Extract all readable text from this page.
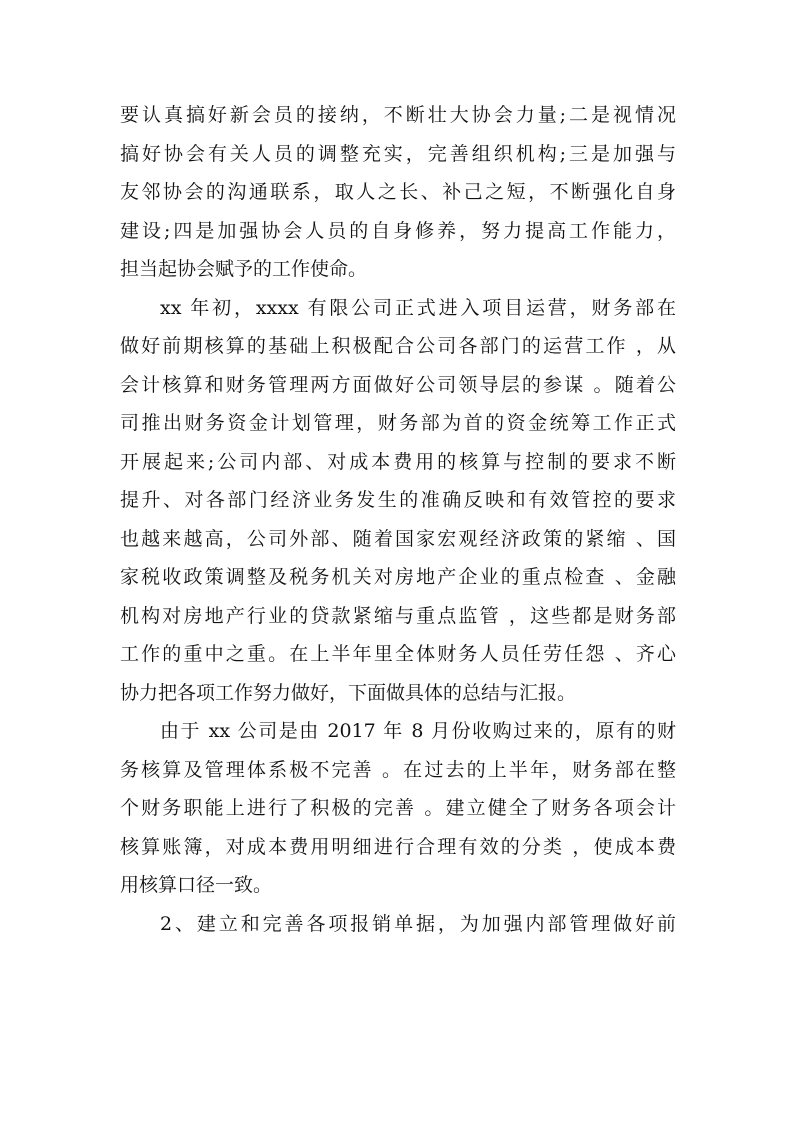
要认真搞好新会员的接纳，不断壮大协会力量;二是视情况
搞好协会有关人员的调整充实，完善组织机构;三是加强与
友邻协会的沟通联系，取人之长、补己之短，不断强化自身
建设;四是加强协会人员的自身修养，努力提高工作能力，
担当起协会赋予的工作使命。
xx 年初，xxxx 有限公司正式进入项目运营，财务部在
做好前期核算的基础上积极配合公司各部门的运营工作 ，从
会计核算和财务管理两方面做好公司领导层的参谋 。随着公
司推出财务资金计划管理，财务部为首的资金统筹工作正式
开展起来;公司内部、对成本费用的核算与控制的要求不断
提升、对各部门经济业务发生的准确反映和有效管控的要求
也越来越高，公司外部、随着国家宏观经济政策的紧缩 、国
家税收政策调整及税务机关对房地产企业的重点检查 、金融
机构对房地产行业的贷款紧缩与重点监管 ，这些都是财务部
工作的重中之重。在上半年里全体财务人员任劳任怨 、齐心
协力把各项工作努力做好，下面做具体的总结与汇报。
由于 xx 公司是由 2017 年 8 月份收购过来的，原有的财
务核算及管理体系极不完善 。在过去的上半年，财务部在整
个财务职能上进行了积极的完善 。建立健全了财务各项会计
核算账簿，对成本费用明细进行合理有效的分类 ，使成本费
用核算口径一致。
2、建立和完善各项报销单据，为加强内部管理做好前
